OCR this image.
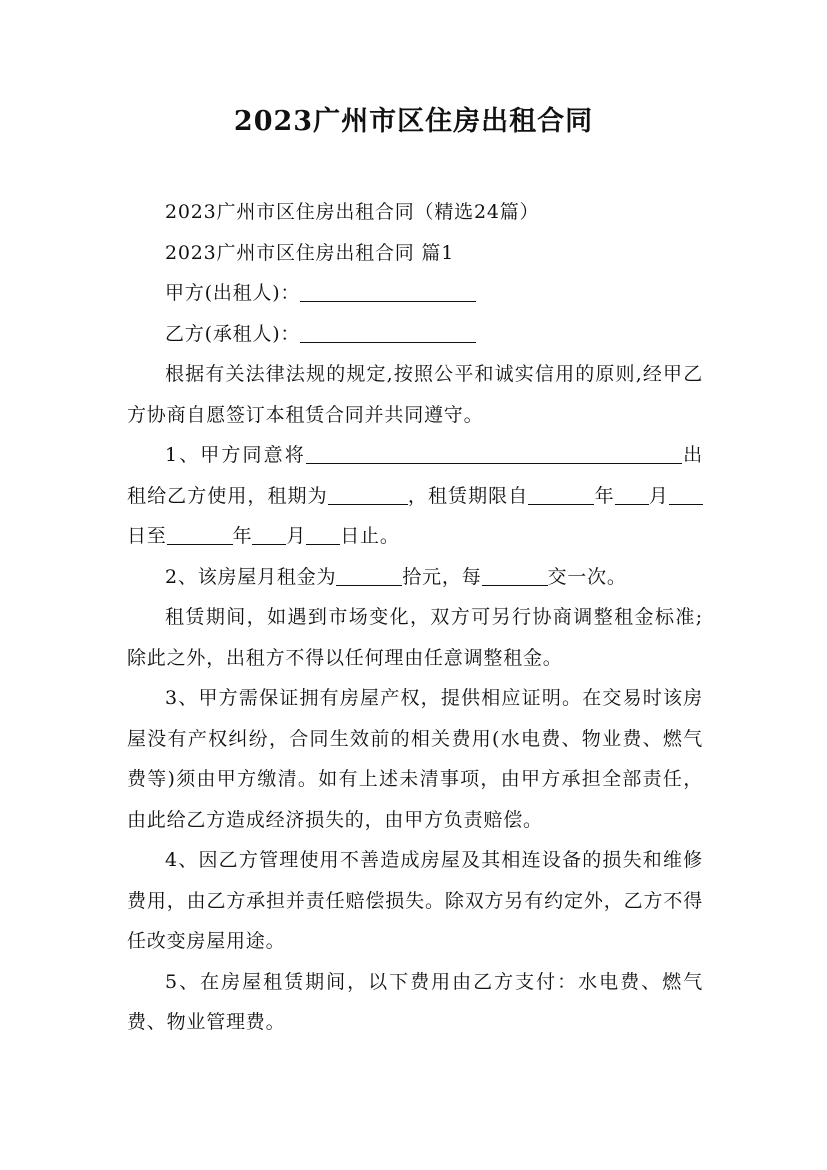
2023广州市区住房出租合同

2023广州市区住房出租合同（精选24篇）

2023广州市区住房出租合同 篇1

甲方(出租人)：

乙方(承租人)：

根据有关法律法规的规定,按照公平和诚实信用的原则,经甲乙方协商自愿签订本租赁合同并共同遵守。

1、甲方同意将	出租给乙方使用，租期为	，租赁期限自	年 月日至	年 月 日止。

2、该房屋月租金为	拾元，每	交一次。

租赁期间，如遇到市场变化，双方可另行协商调整租金标准;除此之外，出租方不得以任何理由任意调整租金。

3、甲方需保证拥有房屋产权，提供相应证明。在交易时该房屋没有产权纠纷，合同生效前的相关费用(水电费、物业费、燃气费等)须由甲方缴清。如有上述未清事项，由甲方承担全部责任，由此给乙方造成经济损失的，由甲方负责赔偿。

4、因乙方管理使用不善造成房屋及其相连设备的损失和维修费用，由乙方承担并责任赔偿损失。除双方另有约定外，乙方不得任改变房屋用途。

5、在房屋租赁期间，以下费用由乙方支付：水电费、燃气费、物业管理费。
